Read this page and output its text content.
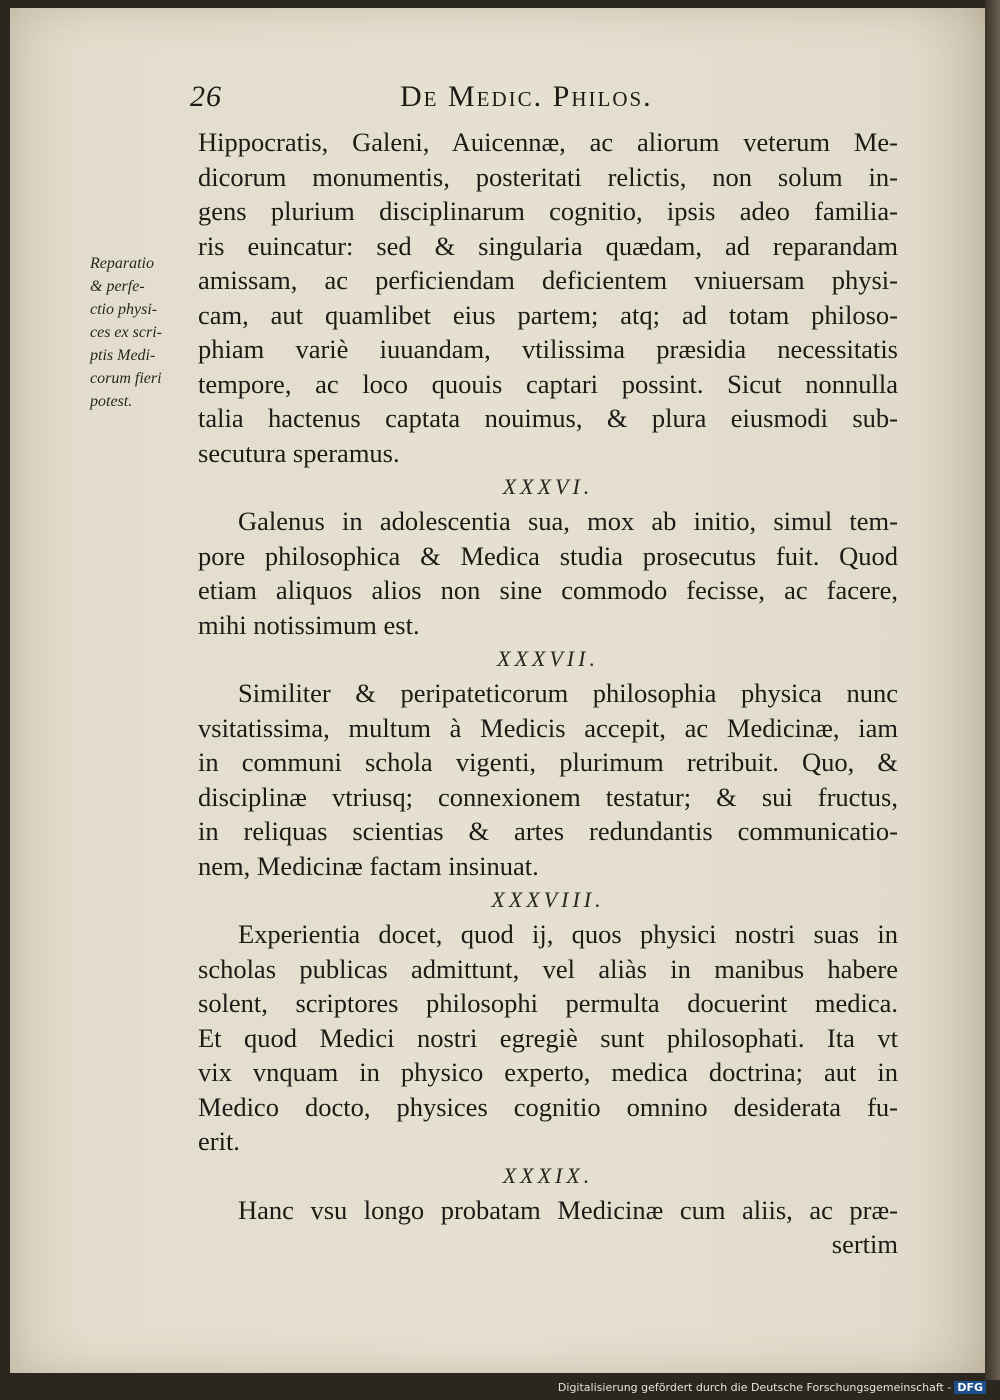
26	De Medic. Philos.
Reparatio
& perfe-
ctio physi-
ces ex scri-
ptis Medi-
corum fieri
potest.
Hippocratis, Galeni, Auicennæ, ac aliorum veterum Me-
dicorum monumentis, posteritati relictis, non solum in-
gens plurium disciplinarum cognitio, ipsis adeo familia-
ris euincatur: sed & singularia quædam, ad reparandam
amissam, ac perficiendam deficientem vniuersam physi-
cam, aut quamlibet eius partem; atq; ad totam philoso-
phiam variè iuuandam, vtilissima præsidia necessitatis
tempore, ac loco quouis captari possint. Sicut nonnulla
talia hactenus captata nouimus, & plura eiusmodi sub-
secutura speramus.
XXXVI.
Galenus in adolescentia sua, mox ab initio, simul tem-
pore philosophica & Medica studia prosecutus fuit. Quod
etiam aliquos alios non sine commodo fecisse, ac facere,
mihi notissimum est.
XXXVII.
Similiter & peripateticorum philosophia physica nunc
vsitatissima, multum à Medicis accepit, ac Medicinæ, iam
in communi schola vigenti, plurimum retribuit. Quo, &
disciplinæ vtriusq; connexionem testatur; & sui fructus,
in reliquas scientias & artes redundantis communicatio-
nem, Medicinæ factam insinuat.
XXXVIII.
Experientia docet, quod ij, quos physici nostri suas in
scholas publicas admittunt, vel aliàs in manibus habere
solent, scriptores philosophi permulta docuerint medica.
Et quod Medici nostri egregiè sunt philosophati. Ita vt
vix vnquam in physico experto, medica doctrina; aut in
Medico docto, physices cognitio omnino desiderata fu-
erit.
XXXIX.
Hanc vsu longo probatam Medicinæ cum aliis, ac præ-
sertim
Digitalisierung gefördert durch die Deutsche Forschungsgemeinschaft - DFG
